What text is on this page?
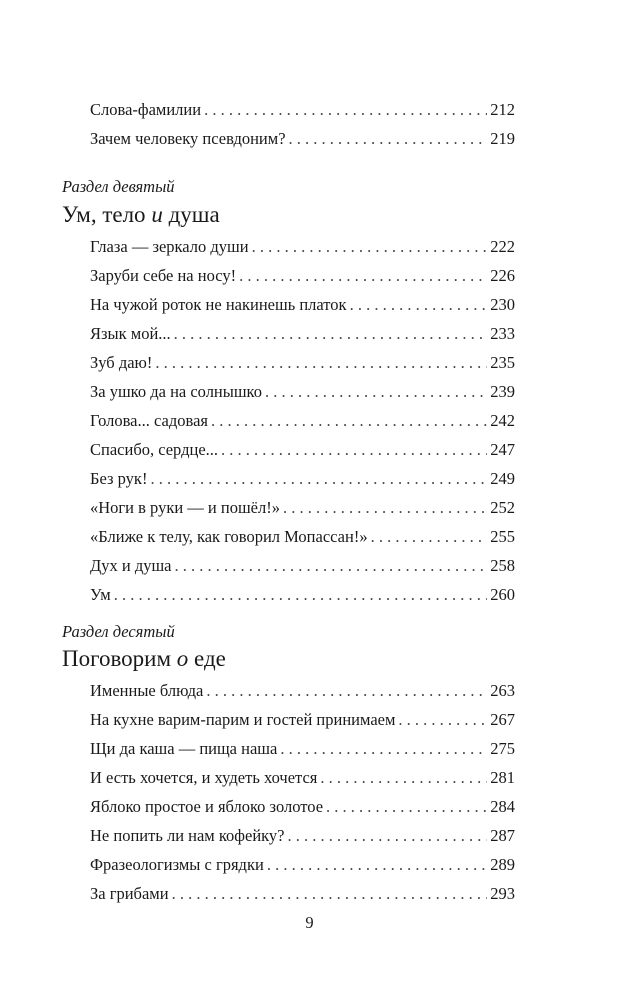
Слова-фамилии . . .	212
Зачем человеку псевдоним? . . .	219
Раздел девятый
Ум, тело и душа
Глаза — зеркало души . . .	222
Заруби себе на носу! . . .	226
На чужой роток не накинешь платок . . .	230
Язык мой... . . .	233
Зуб даю! . . .	235
За ушко да на солнышко . . .	239
Голова... садовая . . .	242
Спасибо, сердце... . . .	247
Без рук! . . .	249
«Ноги в руки — и пошёл!» . . .	252
«Ближе к телу, как говорил Мопассан!» . . .	255
Дух и душа . . .	258
Ум . . .	260
Раздел десятый
Поговорим о еде
Именные блюда . . .	263
На кухне варим-парим и гостей принимаем . . .	267
Щи да каша — пища наша . . .	275
И есть хочется, и худеть хочется . . .	281
Яблоко простое и яблоко золотое . . .	284
Не попить ли нам кофейку? . . .	287
Фразеологизмы с грядки . . .	289
За грибами . . .	293
9
